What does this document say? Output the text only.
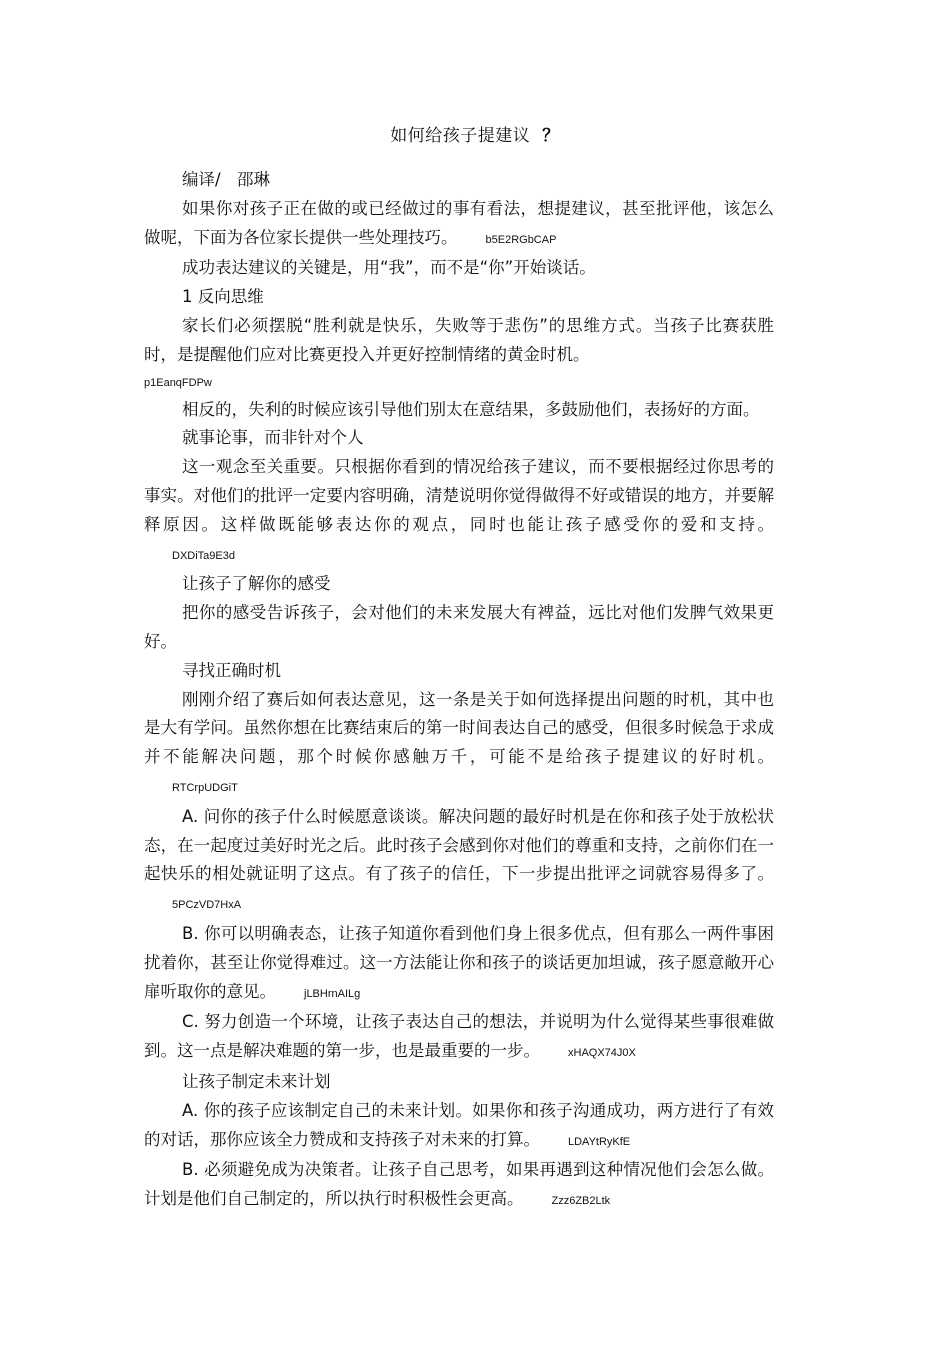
如何给孩子提建议 ？

编译/　邵琳

如果你对孩子正在做的或已经做过的事有看法，想提建议，甚至批评他，该怎么做呢，下面为各位家长提供一些处理技巧。	b5E2RGbCAP

成功表达建议的关键是，用“我”，而不是“你”开始谈话。

1 反向思维

家长们必须摆脱“胜利就是快乐，失败等于悲伤”的思维方式。当孩子比赛获胜时，是提醒他们应对比赛更投入并更好控制情绪的黄金时机。

p1EanqFDPw

相反的，失利的时候应该引导他们别太在意结果，多鼓励他们，表扬好的方面。

就事论事，而非针对个人

这一观念至关重要。只根据你看到的情况给孩子建议，而不要根据经过你思考的事实。对他们的批评一定要内容明确，清楚说明你觉得做得不好或错误的地方，并要解释原因。这样做既能够表达你的观点，同时也能让孩子感受你的爱和支持。DXDiTa9E3d

让孩子了解你的感受

把你的感受告诉孩子，会对他们的未来发展大有裨益，远比对他们发脾气效果更好。

寻找正确时机

刚刚介绍了赛后如何表达意见，这一条是关于如何选择提出问题的时机，其中也是大有学问。虽然你想在比赛结束后的第一时间表达自己的感受，但很多时候急于求成并不能解决问题，那个时候你感触万千，可能不是给孩子提建议的好时机。RTCrpUDGiT

A. 问你的孩子什么时候愿意谈谈。解决问题的最好时机是在你和孩子处于放松状态，在一起度过美好时光之后。此时孩子会感到你对他们的尊重和支持，之前你们在一起快乐的相处就证明了这点。有了孩子的信任，下一步提出批评之词就容易得多了。5PCzVD7HxA

B. 你可以明确表态，让孩子知道你看到他们身上很多优点，但有那么一两件事困扰着你，甚至让你觉得难过。这一方法能让你和孩子的谈话更加坦诚，孩子愿意敞开心扉听取你的意见。	jLBHrnAILg

C. 努力创造一个环境，让孩子表达自己的想法，并说明为什么觉得某些事很难做到。这一点是解决难题的第一步，也是最重要的一步。	xHAQX74J0X

让孩子制定未来计划

A. 你的孩子应该制定自己的未来计划。如果你和孩子沟通成功，两方进行了有效的对话，那你应该全力赞成和支持孩子对未来的打算。	LDAYtRyKfE

B. 必须避免成为决策者。让孩子自己思考，如果再遇到这种情况他们会怎么做。计划是他们自己制定的，所以执行时积极性会更高。	Zzz6ZB2Ltk
